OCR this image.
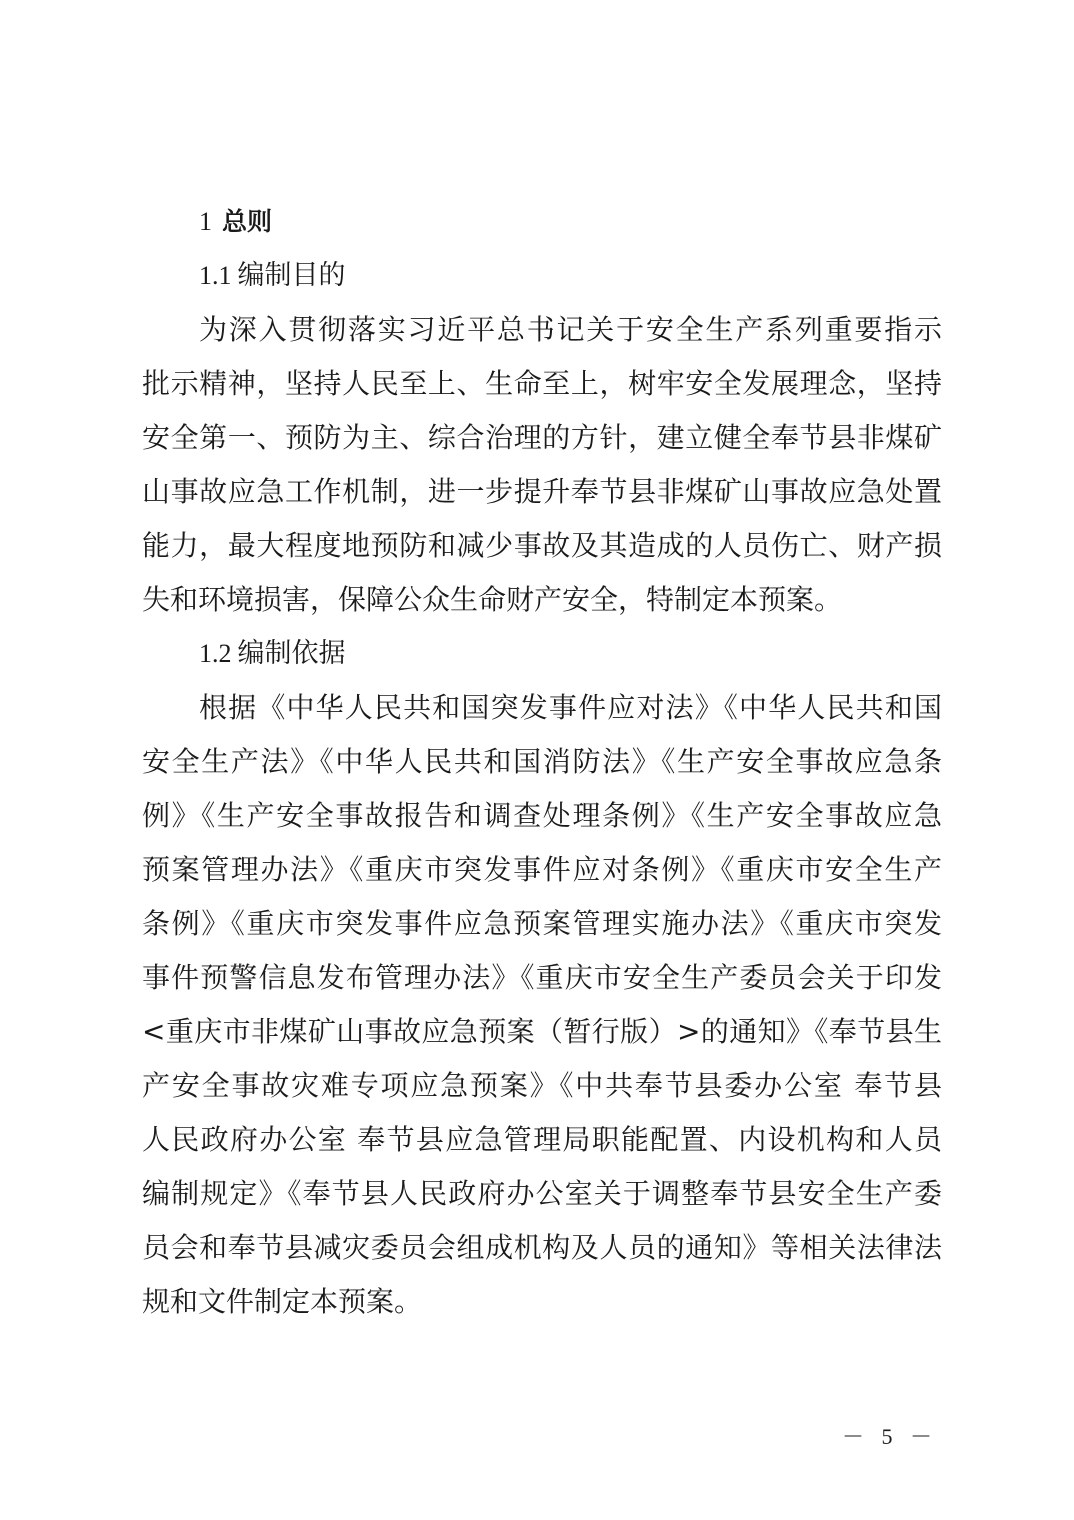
1 总则
1.1 编制目的
为深入贯彻落实习近平总书记关于安全生产系列重要指示
批示精神，坚持人民至上、生命至上，树牢安全发展理念，坚持
安全第一、预防为主、综合治理的方针，建立健全奉节县非煤矿
山事故应急工作机制，进一步提升奉节县非煤矿山事故应急处置
能力，最大程度地预防和减少事故及其造成的人员伤亡、财产损
失和环境损害，保障公众生命财产安全，特制定本预案。
1.2 编制依据
根据《中华人民共和国突发事件应对法》《中华人民共和国
安全生产法》《中华人民共和国消防法》《生产安全事故应急条
例》《生产安全事故报告和调查处理条例》《生产安全事故应急
预案管理办法》《重庆市突发事件应对条例》《重庆市安全生产
条例》《重庆市突发事件应急预案管理实施办法》《重庆市突发
事件预警信息发布管理办法》《重庆市安全生产委员会关于印发
<重庆市非煤矿山事故应急预案（暂行版）>的通知》《奉节县生
产安全事故灾难专项应急预案》《中共奉节县委办公室 奉节县
人民政府办公室 奉节县应急管理局职能配置、内设机构和人员
编制规定》《奉节县人民政府办公室关于调整奉节县安全生产委
员会和奉节县减灾委员会组成机构及人员的通知》等相关法律法
规和文件制定本预案。
－ 5 －
